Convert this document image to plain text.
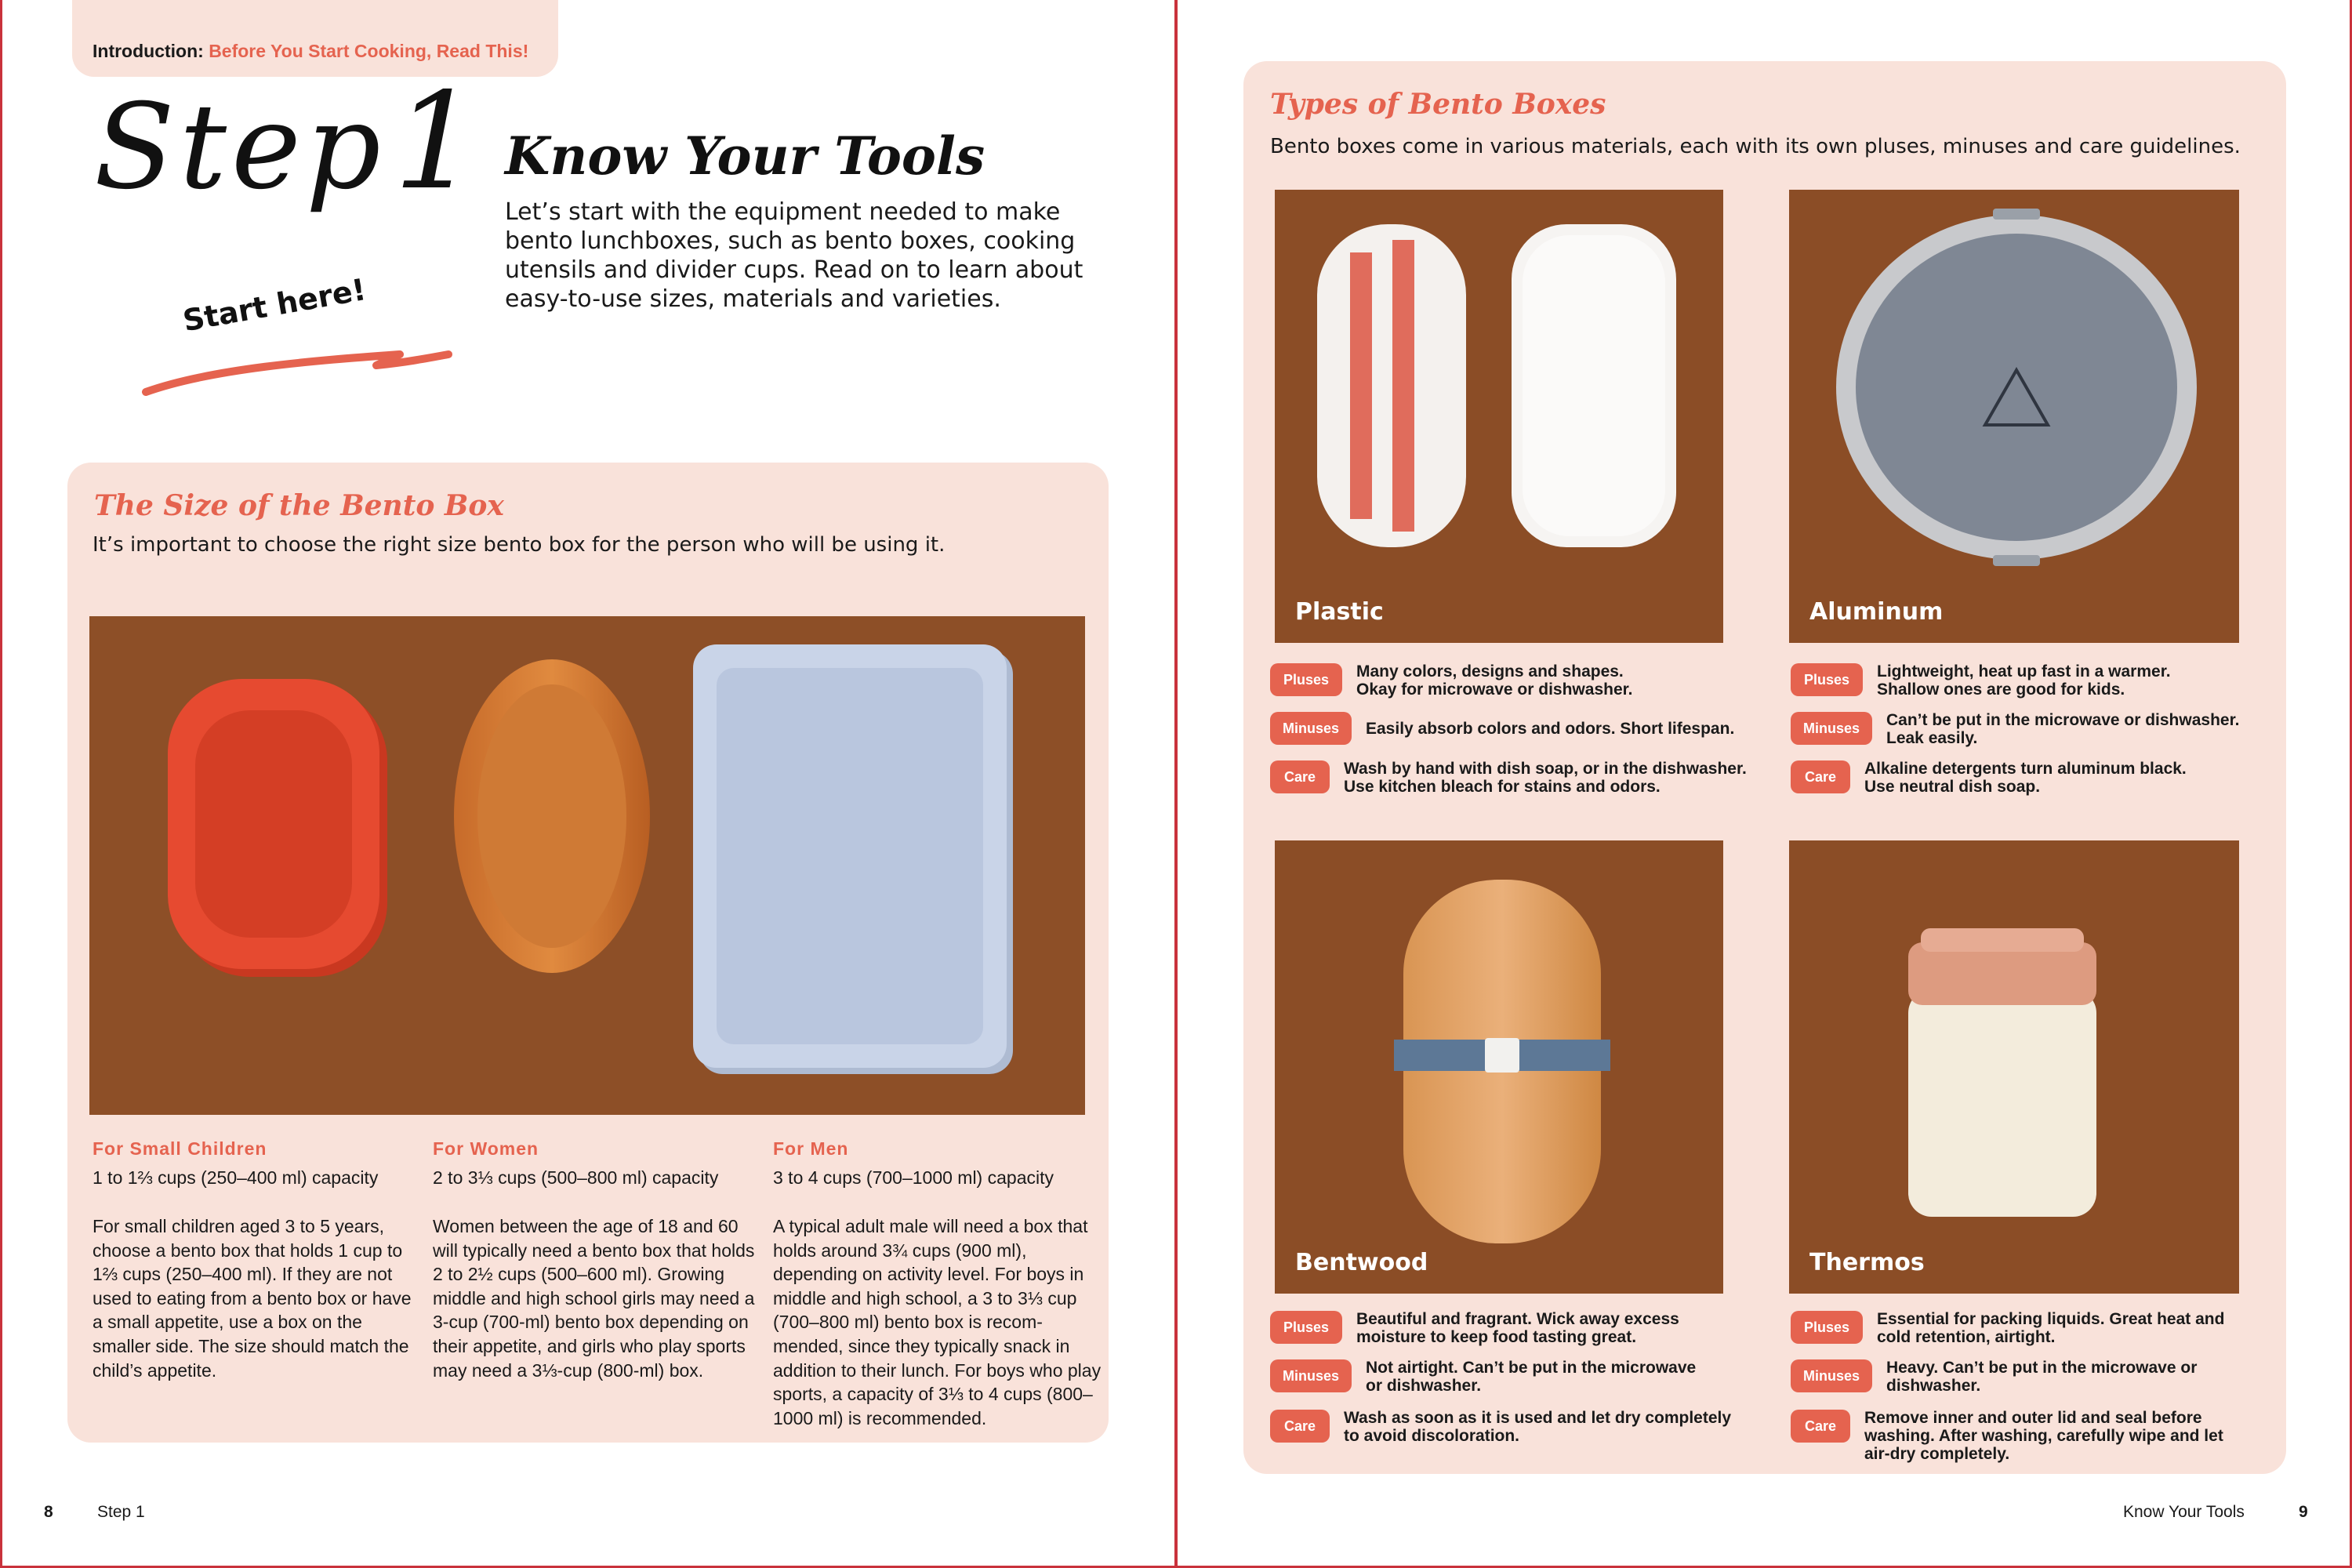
Introduction: Before You Start Cooking, Read This!
Step1
Start here!
Know Your Tools
Let’s start with the equipment needed to make bento lunchboxes, such as bento boxes, cooking utensils and divider cups. Read on to learn about easy-to-use sizes, materials and varieties.
The Size of the Bento Box
It’s important to choose the right size bento box for the person who will be using it.
For Small Children
1 to 1⅔ cups (250–400 ml) capacity
For small children aged 3 to 5 years, choose a bento box that holds 1 cup to 1⅔ cups (250–400 ml). If they are not used to eating from a bento box or have a small appetite, use a box on the smaller side. The size should match the child’s appetite.
For Women
2 to 3⅓ cups (500–800 ml) capacity
Women between the age of 18 and 60 will typically need a bento box that holds 2 to 2½ cups (500–600 ml). Growing middle and high school girls may need a 3-cup (700-ml) bento box depending on their appetite, and girls who play sports may need a 3⅓-cup (800-ml) box.
For Men
3 to 4 cups (700–1000 ml) capacity
A typical adult male will need a box that holds around 3¾ cups (900 ml), depending on activity level. For boys in middle and high school, a 3 to 3⅓ cup (700–800 ml) bento box is recom-mended, since they typically snack in addition to their lunch. For boys who play sports, a capacity of 3⅓ to 4 cups (800–1000 ml) is recommended.
8	Step 1
Types of Bento Boxes
Bento boxes come in various materials, each with its own pluses, minuses and care guidelines.
Plastic	Aluminum
Bentwood	Thermos
Pluses	Many colors, designs and shapes.
Okay for microwave or dishwasher.
Minuses	Easily absorb colors and odors. Short lifespan.
Care	Wash by hand with dish soap, or in the dishwasher.
Use kitchen bleach for stains and odors.
Pluses	Lightweight, heat up fast in a warmer.
Shallow ones are good for kids.
Minuses	Can’t be put in the microwave or dishwasher.
Leak easily.
Care	Alkaline detergents turn aluminum black.
Use neutral dish soap.
Pluses	Beautiful and fragrant. Wick away excess
moisture to keep food tasting great.
Minuses	Not airtight. Can’t be put in the microwave
or dishwasher.
Care	Wash as soon as it is used and let dry completely
to avoid discoloration.
Pluses	Essential for packing liquids. Great heat and
cold retention, airtight.
Minuses	Heavy. Can’t be put in the microwave or
dishwasher.
Care	Remove inner and outer lid and seal before
washing. After washing, carefully wipe and let
air-dry completely.
Know Your Tools	9
